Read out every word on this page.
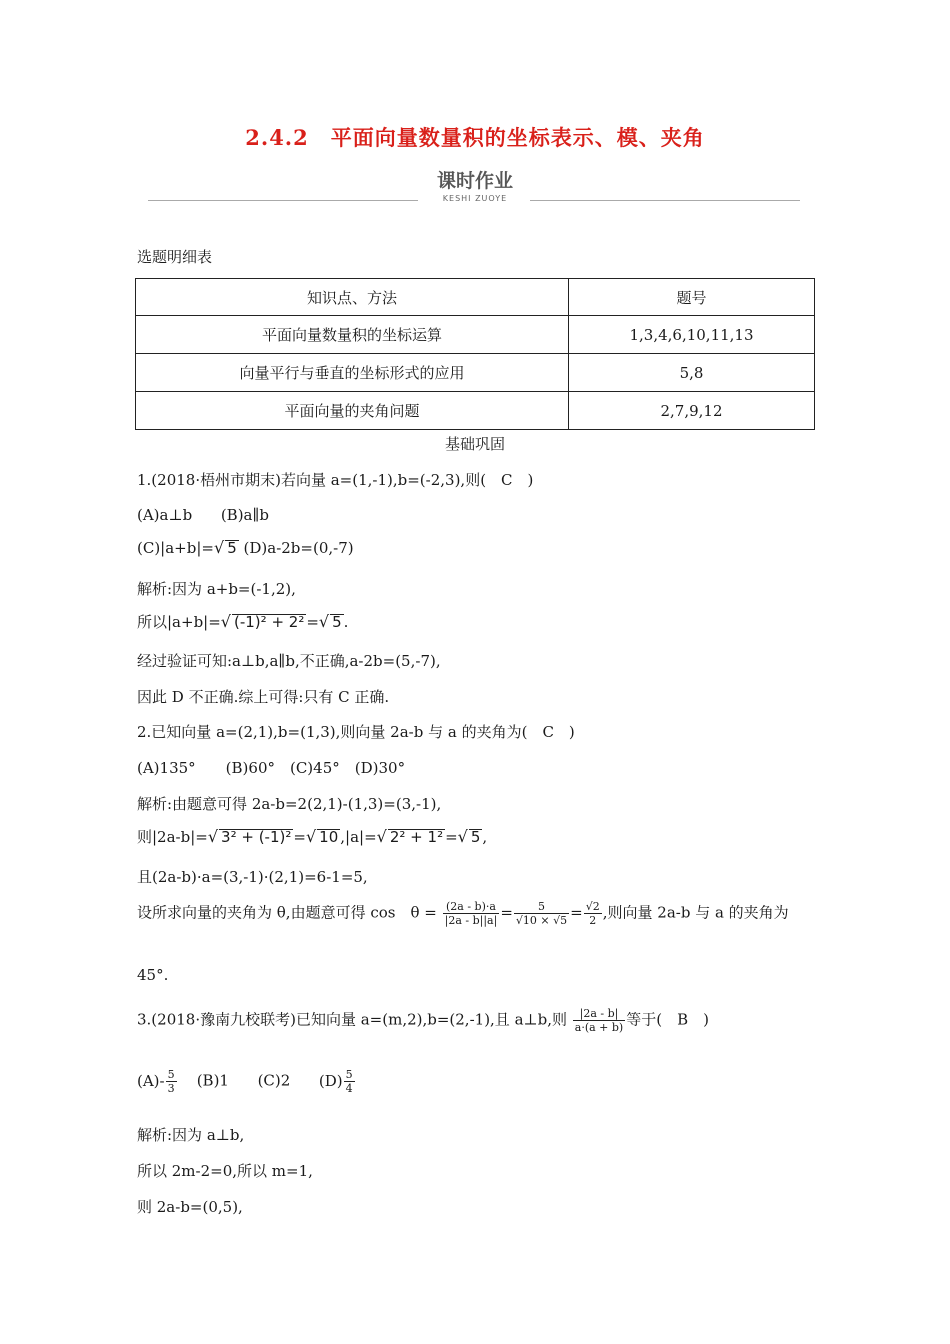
2.4.2　平面向量数量积的坐标表示、模、夹角
课时作业
KESHI ZUOYE
选题明细表
知识点、方法	题号
平面向量数量积的坐标运算	1,3,4,6,10,11,13
向量平行与垂直的坐标形式的应用	5,8
平面向量的夹角问题	2,7,9,12
基础巩固
1.(2018·梧州市期末)若向量 a=(1,-1),b=(-2,3),则(　C　)
(A)a⊥b (B)a∥b
(C)|a+b|=√ 5 (D)a-2b=(0,-7)
解析:因为 a+b=(-1,2),
所以|a+b|=√ (-1)² + 2² =√ 5 .
经过验证可知:a⊥b,a∥b,不正确,a-2b=(5,-7),
因此 D 不正确.综上可得:只有 C 正确.
2.已知向量 a=(2,1),b=(1,3),则向量 2a-b 与 a 的夹角为(　C　)
(A)135°　　(B)60°　(C)45°　(D)30°
解析:由题意可得 2a-b=2(2,1)-(1,3)=(3,-1),
则|2a-b|=√ 3² + (-1)² =√ 10 ,|a|=√ 2² + 1² =√ 5 ,
且(2a-b)·a=(3,-1)·(2,1)=6-1=5,
设所求向量的夹角为 θ,由题意可得 cos　$\theta = \frac{(2a - b)\cdot a}{|2a - b||a|} = \frac{5}{√10 \times √5} = \frac{√2}{2}$ ,则向量 2a-b 与 a 的夹角为
45°.
3.(2018·豫南九校联考)已知向量 a=(m,2),b=(2,-1),且 a⊥b,则 $\frac{|2a - b|}{a\cdot(a + b)}$ 等于(　B　)
$(A)- \frac{5}{3} (B)1$ (C)2 $(D) \frac{5}{4}$
解析:因为 a⊥b,
所以 2m-2=0,所以 m=1,
则 2a-b=(0,5),
